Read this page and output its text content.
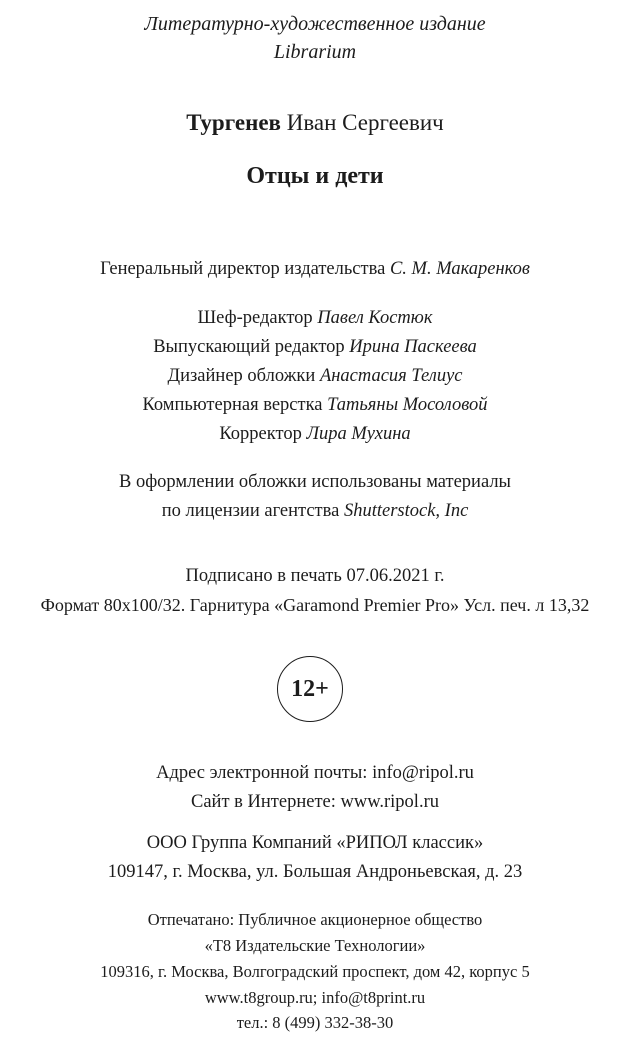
Литературно-художественное издание
Librarium
Тургенев Иван Сергеевич
Отцы и дети
Генеральный директор издательства С. М. Макаренков
Шеф-редактор Павел Костюк
Выпускающий редактор Ирина Паскеева
Дизайнер обложки Анастасия Телиус
Компьютерная верстка Татьяны Мосоловой
Корректор Лира Мухина
В оформлении обложки использованы материалы
по лицензии агентства Shutterstock, Inc
Подписано в печать 07.06.2021 г.
Формат 80x100/32. Гарнитура «Garamond Premier Pro» Усл. печ. л 13,32
12+
Адрес электронной почты: info@ripol.ru
Сайт в Интернете: www.ripol.ru
ООО Группа Компаний «РИПОЛ классик»
109147, г. Москва, ул. Большая Андроньевская, д. 23
Отпечатано: Публичное акционерное общество
«Т8 Издательские Технологии»
109316, г. Москва, Волгоградский проспект, дом 42, корпус 5
www.t8group.ru; info@t8print.ru
тел.: 8 (499) 332-38-30
